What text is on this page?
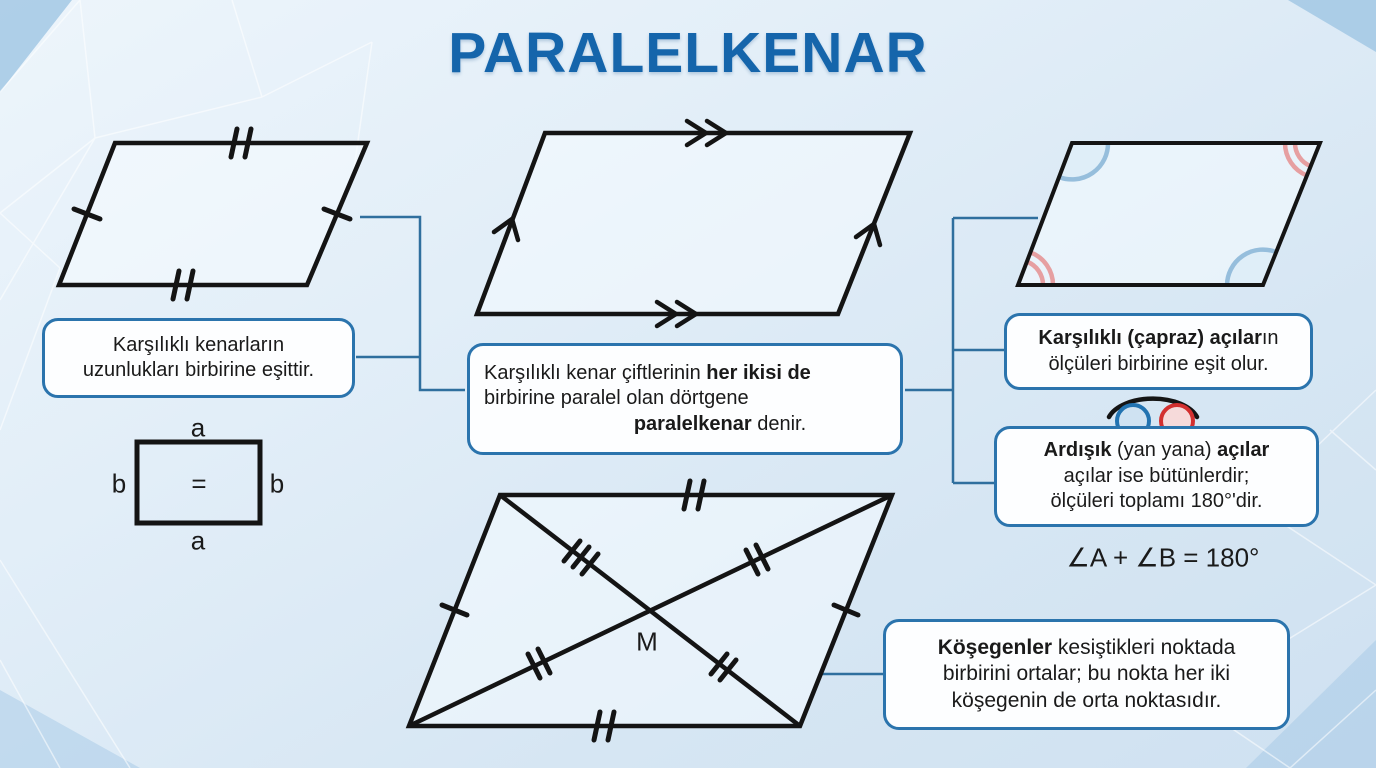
PARALELKENAR
Karşılıklı kenarların
uzunlukları birbirine eşittir.	Karşılıklı kenar çiftlerinin her ikisi de
birbirine paralel olan dörtgene
paralelkenar denir.
Karşılıklı (çapraz) açıların
ölçüleri birbirine eşit olur.
Ardışık (yan yana) açılar
açılar ise bütünlerdir;
ölçüleri toplamı 180°'dir.
Köşegenler kesiştikleri noktada
birbirini ortalar; bu nokta her iki
köşegenin de orta noktasıdır.
a
b	= b
a
M
∠A + ∠B = 180°
